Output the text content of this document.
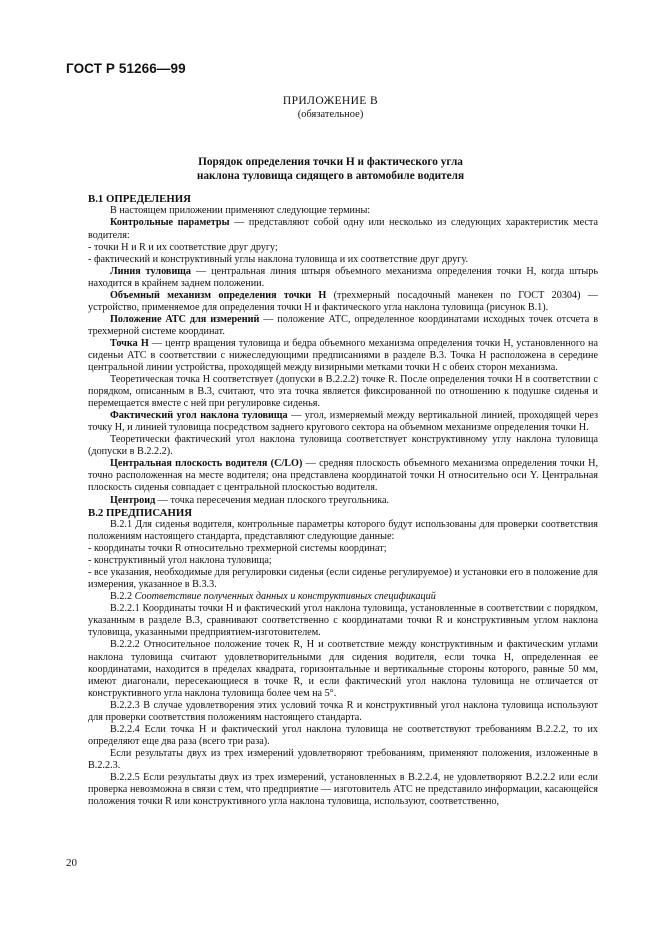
ГОСТ Р 51266—99
ПРИЛОЖЕНИЕ В
(обязательное)
Порядок определения точки H и фактического угла
наклона туловища сидящего в автомобиле водителя

В.1 ОПРЕДЕЛЕНИЯ

В настоящем приложении применяют следующие термины:

Контрольные параметры — представляют собой одну или несколько из следующих характеристик места водителя:

- точки H и R и их соответствие друг другу;

- фактический и конструктивный углы наклона туловища и их соответствие друг другу.

Линия туловища — центральная линия штыря объемного механизма определения точки H, когда штырь находится в крайнем заднем положении.

Объемный механизм определения точки H (трехмерный посадочный манекен по ГОСТ 20304) — устройство, применяемое для определения точки H и фактического угла наклона туловища (рисунок В.1).

Положение АТС для измерений — положение АТС, определенное координатами исходных точек отсчета в трехмерной системе координат.

Точка H — центр вращения туловища и бедра объемного механизма определения точки H, установленного на сиденьи АТС в соответствии с нижеследующими предписаниями в разделе В.3. Точка H расположена в середине центральной линии устройства, проходящей между визирными метками точки H с обеих сторон механизма.

Теоретическая точка H соответствует (допуски в В.2.2.2) точке R. После определения точки H в соответствии с порядком, описанным в В.3, считают, что эта точка является фиксированной по отношению к подушке сиденья и перемещается вместе с ней при регулировке сиденья.

Фактический угол наклона туловища — угол, измеряемый между вертикальной линией, проходящей через точку H, и линией туловища посредством заднего кругового сектора на объемном механизме определения точки H.

Теоретически фактический угол наклона туловища соответствует конструктивному углу наклона туловища (допуски в В.2.2.2).

Центральная плоскость водителя (C/LO) — средняя плоскость объемного механизма определения точки H, точно расположенная на месте водителя; она представлена координатой точки H относительно оси Y. Центральная плоскость сиденья совпадает с центральной плоскостью водителя.

Центроид — точка пересечения медиан плоского треугольника.

В.2 ПРЕДПИСАНИЯ

В.2.1 Для сиденья водителя, контрольные параметры которого будут использованы для проверки соответствия положениям настоящего стандарта, представляют следующие данные:

- координаты точки R относительно трехмерной системы координат;

- конструктивный угол наклона туловища;

- все указания, необходимые для регулировки сиденья (если сиденье регулируемое) и установки его в положение для измерения, указанное в В.3.3.

В.2.2 Соответствие полученных данных и конструктивных спецификаций

В.2.2.1 Координаты точки H и фактический угол наклона туловища, установленные в соответствии с порядком, указанным в разделе В.3, сравнивают соответственно с координатами точки R и конструктивным углом наклона туловища, указанными предприятием-изготовителем.

В.2.2.2 Относительное положение точек R, H и соответствие между конструктивным и фактическим углами наклона туловища считают удовлетворительными для сидения водителя, если точка H, определенная ее координатами, находится в пределах квадрата, горизонтальные и вертикальные стороны которого, равные 50 мм, имеют диагонали, пересекающиеся в точке R, и если фактический угол наклона туловища не отличается от конструктивного угла наклона туловища более чем на 5°.

В.2.2.3 В случае удовлетворения этих условий точка R и конструктивный угол наклона туловища используют для проверки соответствия положениям настоящего стандарта.

В.2.2.4 Если точка H и фактический угол наклона туловища не соответствуют требованиям В.2.2.2, то их определяют еще два раза (всего три раза).

Если результаты двух из трех измерений удовлетворяют требованиям, применяют положения, изложенные в В.2.2.3.

В.2.2.5 Если результаты двух из трех измерений, установленных в В.2.2.4, не удовлетворяют В.2.2.2 или если проверка невозможна в связи с тем, что предприятие — изготовитель АТС не представило информации, касающейся положения точки R или конструктивного угла наклона туловища, используют, соответственно,

20
